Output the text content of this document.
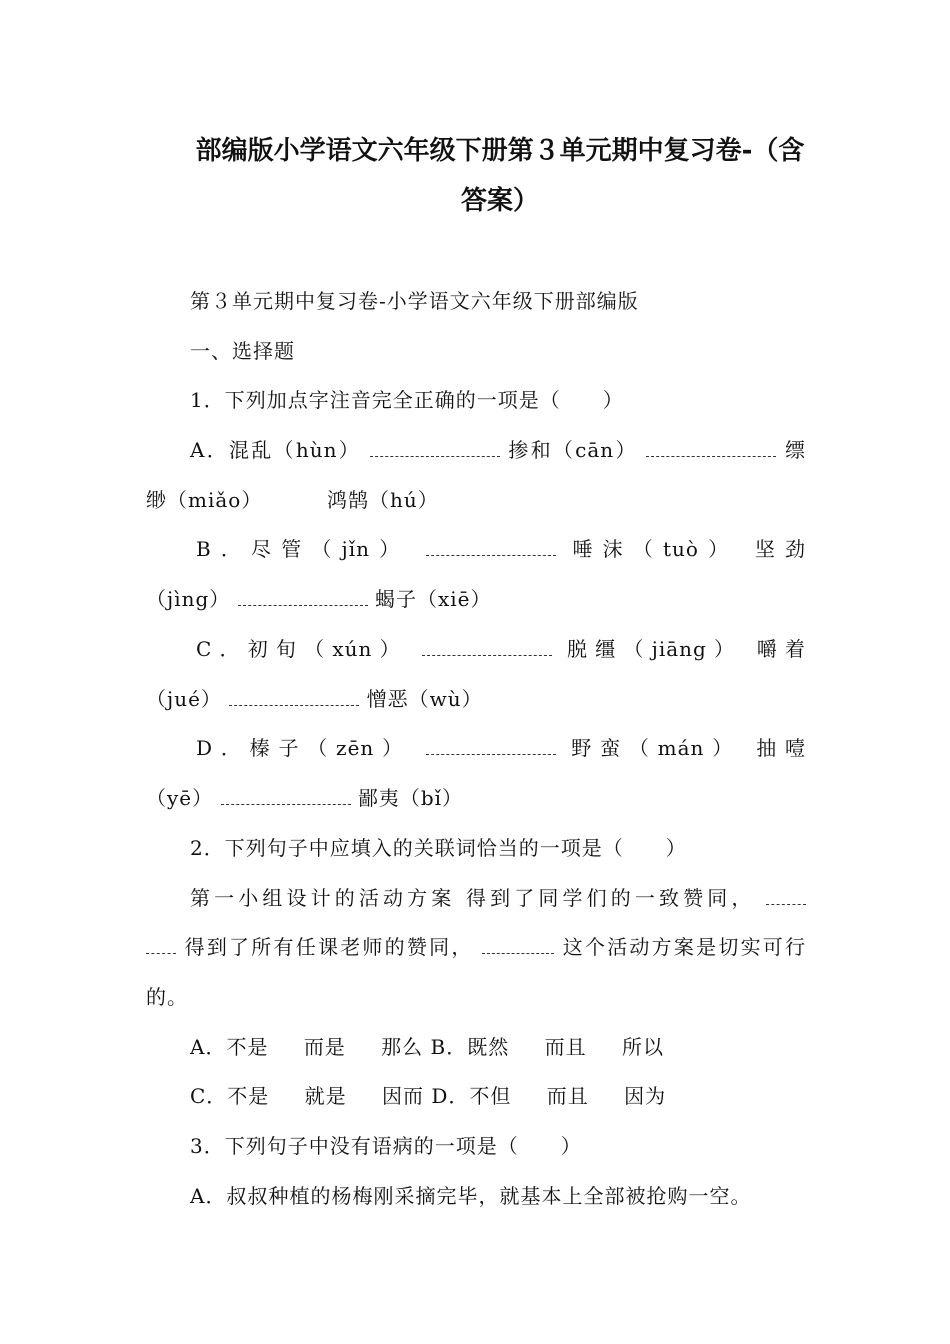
部编版小学语文六年级下册第３单元期中复习卷-（含
答案）
第３单元期中复习卷-小学语文六年级下册部编版
一、选择题
1．下列加点字注音完全正确的一项是（　　）
A．混乱（hùn）	掺和（cān）	缥
缈（miǎo）	鸿鹄（hú）
B．尽管（jǐn）	唾沫（tuò） 坚劲
（jìng）	蝎子（xiē）
C．初旬（xún）	脱缰（jiāng） 嚼着
（jué）	憎恶（wù）
D．榛子（zēn）	野蛮（mán） 抽噎
（yē）	鄙夷（bǐ）
2．下列句子中应填入的关联词恰当的一项是（　　）
第一小组设计的活动方案 得到了同学们的一致赞同，
得到了所有任课老师的赞同，	这个活动方案是切实可行
的。
A．不是 而是 那么 B．既然 而且 所以
C．不是 就是 因而 D．不但 而且 因为
3．下列句子中没有语病的一项是（　　）
A．叔叔种植的杨梅刚采摘完毕，就基本上全部被抢购一空。
